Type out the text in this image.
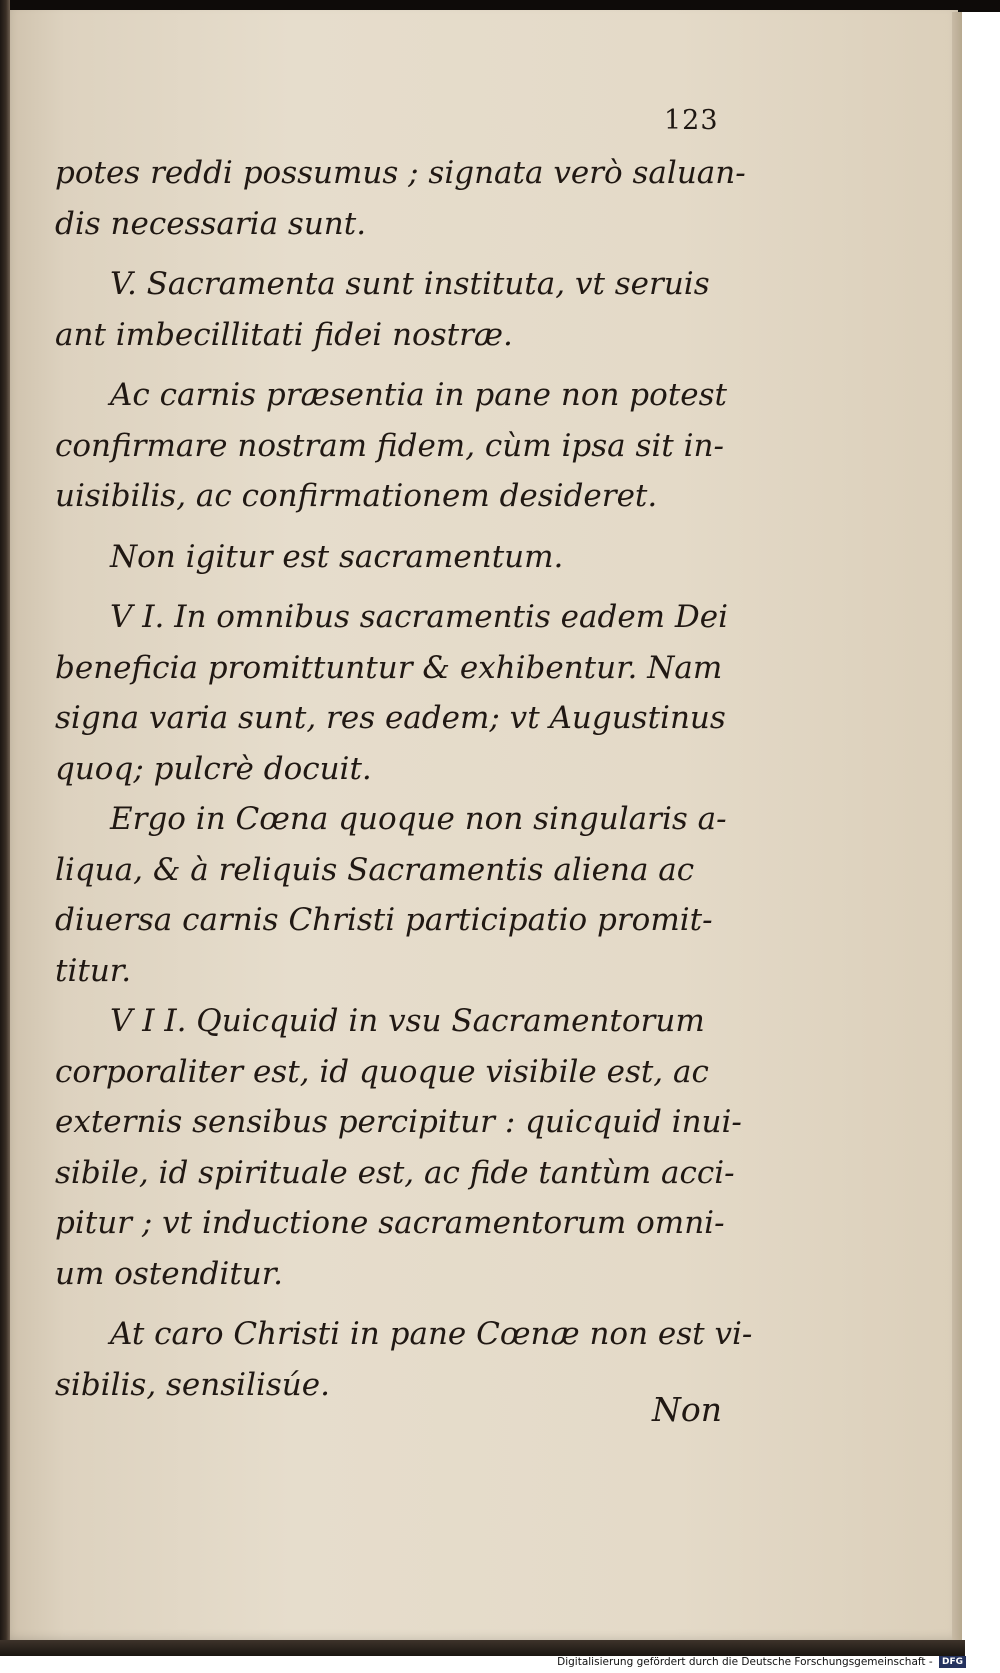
123
potes reddi possumus ; signata verò saluan-
dis necessaria sunt.
V. Sacramenta sunt instituta, vt seruis
ant imbecillitati fidei nostræ.
Ac carnis præsentia in pane non potest
confirmare nostram fidem, cùm ipsa sit in-
uisibilis, ac confirmationem desideret.
Non igitur est sacramentum.
V I. In omnibus sacramentis eadem Dei
beneficia promittuntur & exhibentur. Nam
signa varia sunt, res eadem; vt Augustinus
quoq; pulcrè docuit.
Ergo in Cœna quoque non singularis a-
liqua, & à reliquis Sacramentis aliena ac
diuersa carnis Christi participatio promit-
titur.
V I I. Quicquid in vsu Sacramentorum
corporaliter est, id quoque visibile est, ac
externis sensibus percipitur : quicquid inui-
sibile, id spirituale est, ac fide tantùm acci-
pitur ; vt inductione sacramentorum omni-
um ostenditur.
At caro Christi in pane Cœnæ non est vi-
sibilis, sensilisúe.
Non
Digitalisierung gefördert durch die Deutsche Forschungsgemeinschaft - DFG
